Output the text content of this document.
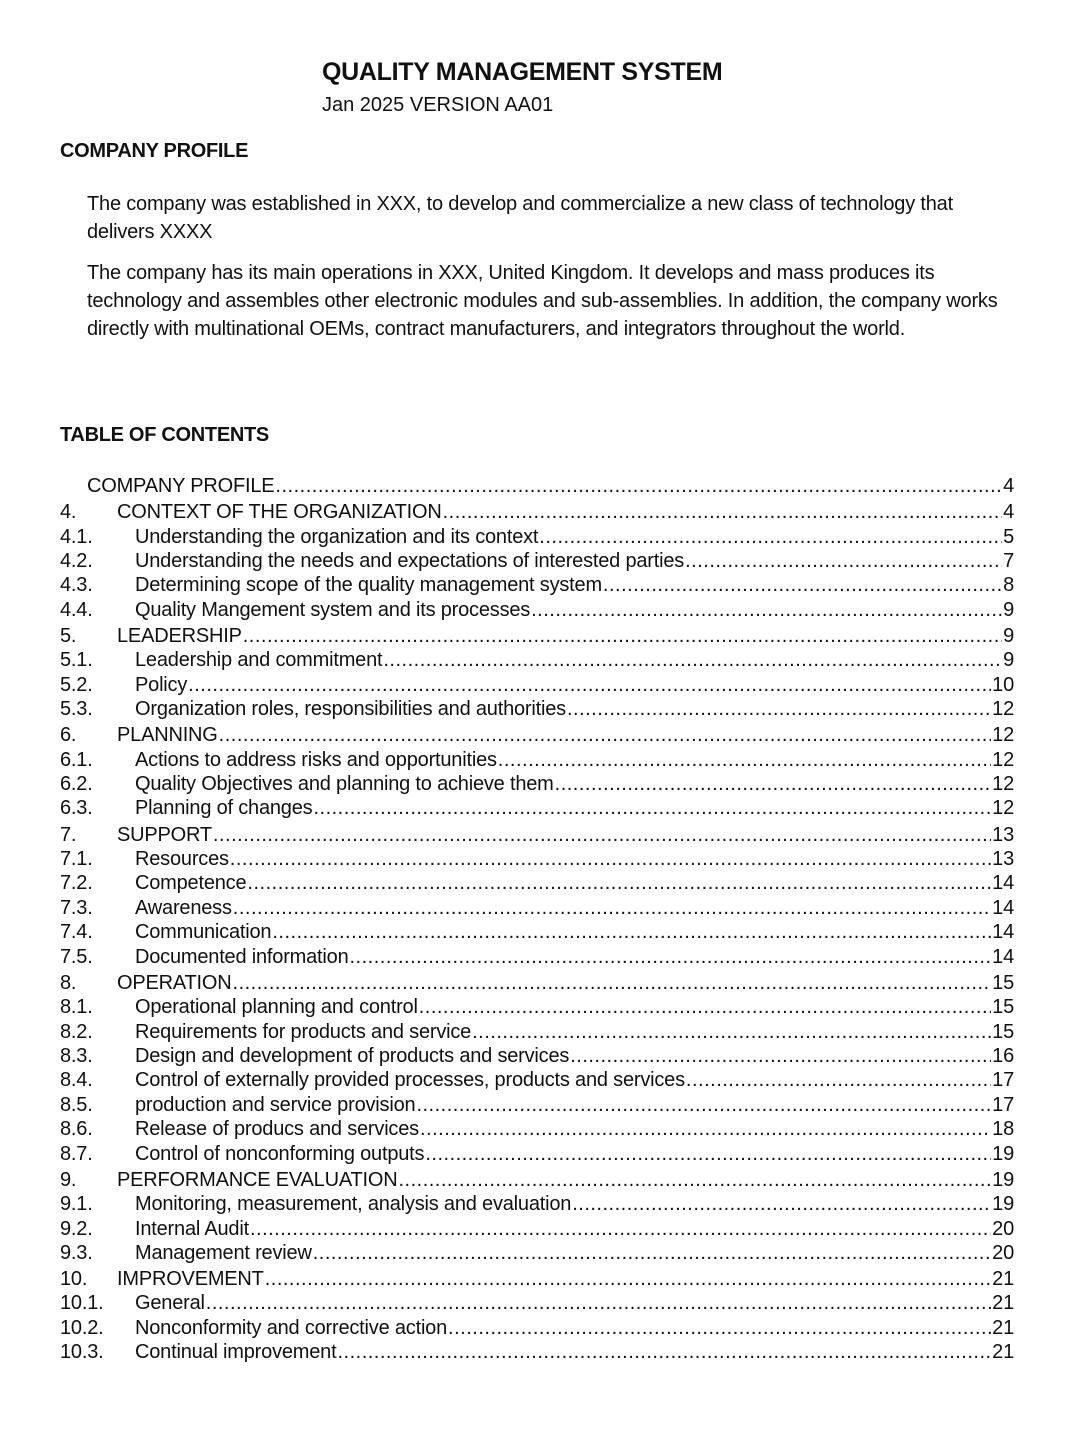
QUALITY MANAGEMENT SYSTEM
Jan 2025 VERSION AA01
COMPANY PROFILE
The company was established in XXX, to develop and commercialize a new class of technology that delivers XXXX
The company has its main operations in XXX, United Kingdom. It develops and mass produces its technology and assembles other electronic modules and sub-assemblies. In addition, the company works directly with multinational OEMs, contract manufacturers, and integrators throughout the world.
TABLE OF CONTENTS
COMPANY PROFILE .....	4
4.	CONTEXT OF THE ORGANIZATION .....	4
4.1.	Understanding the organization and its context .....	5
4.2.	Understanding the needs and expectations of interested parties .....	7
4.3.	Determining scope of the quality management system .....	8
4.4.	Quality Mangement system and its processes .....	9
5.	LEADERSHIP .....	9
5.1.	Leadership and commitment .....	9
5.2.	Policy .....	10
5.3.	Organization roles, responsibilities and authorities .....	12
6.	PLANNING .....	12
6.1.	Actions to address risks and opportunities .....	12
6.2.	Quality Objectives and planning to achieve them .....	12
6.3.	Planning of changes .....	12
7.	SUPPORT .....	13
7.1.	Resources .....	13
7.2.	Competence .....	14
7.3.	Awareness .....	14
7.4.	Communication .....	14
7.5.	Documented information .....	14
8.	OPERATION .....	15
8.1.	Operational planning and control .....	15
8.2.	Requirements for products and service .....	15
8.3.	Design and development of products and services .....	16
8.4.	Control of externally provided processes, products and services .....	17
8.5.	production and service provision .....	17
8.6.	Release of producs and services .....	18
8.7.	Control of nonconforming outputs .....	19
9.	PERFORMANCE EVALUATION .....	19
9.1.	Monitoring, measurement, analysis and evaluation .....	19
9.2.	Internal Audit .....	20
9.3.	Management review .....	20
10.	IMPROVEMENT .....	21
10.1.	General .....	21
10.2.	Nonconformity and corrective action .....	21
10.3.	Continual improvement .....	21
